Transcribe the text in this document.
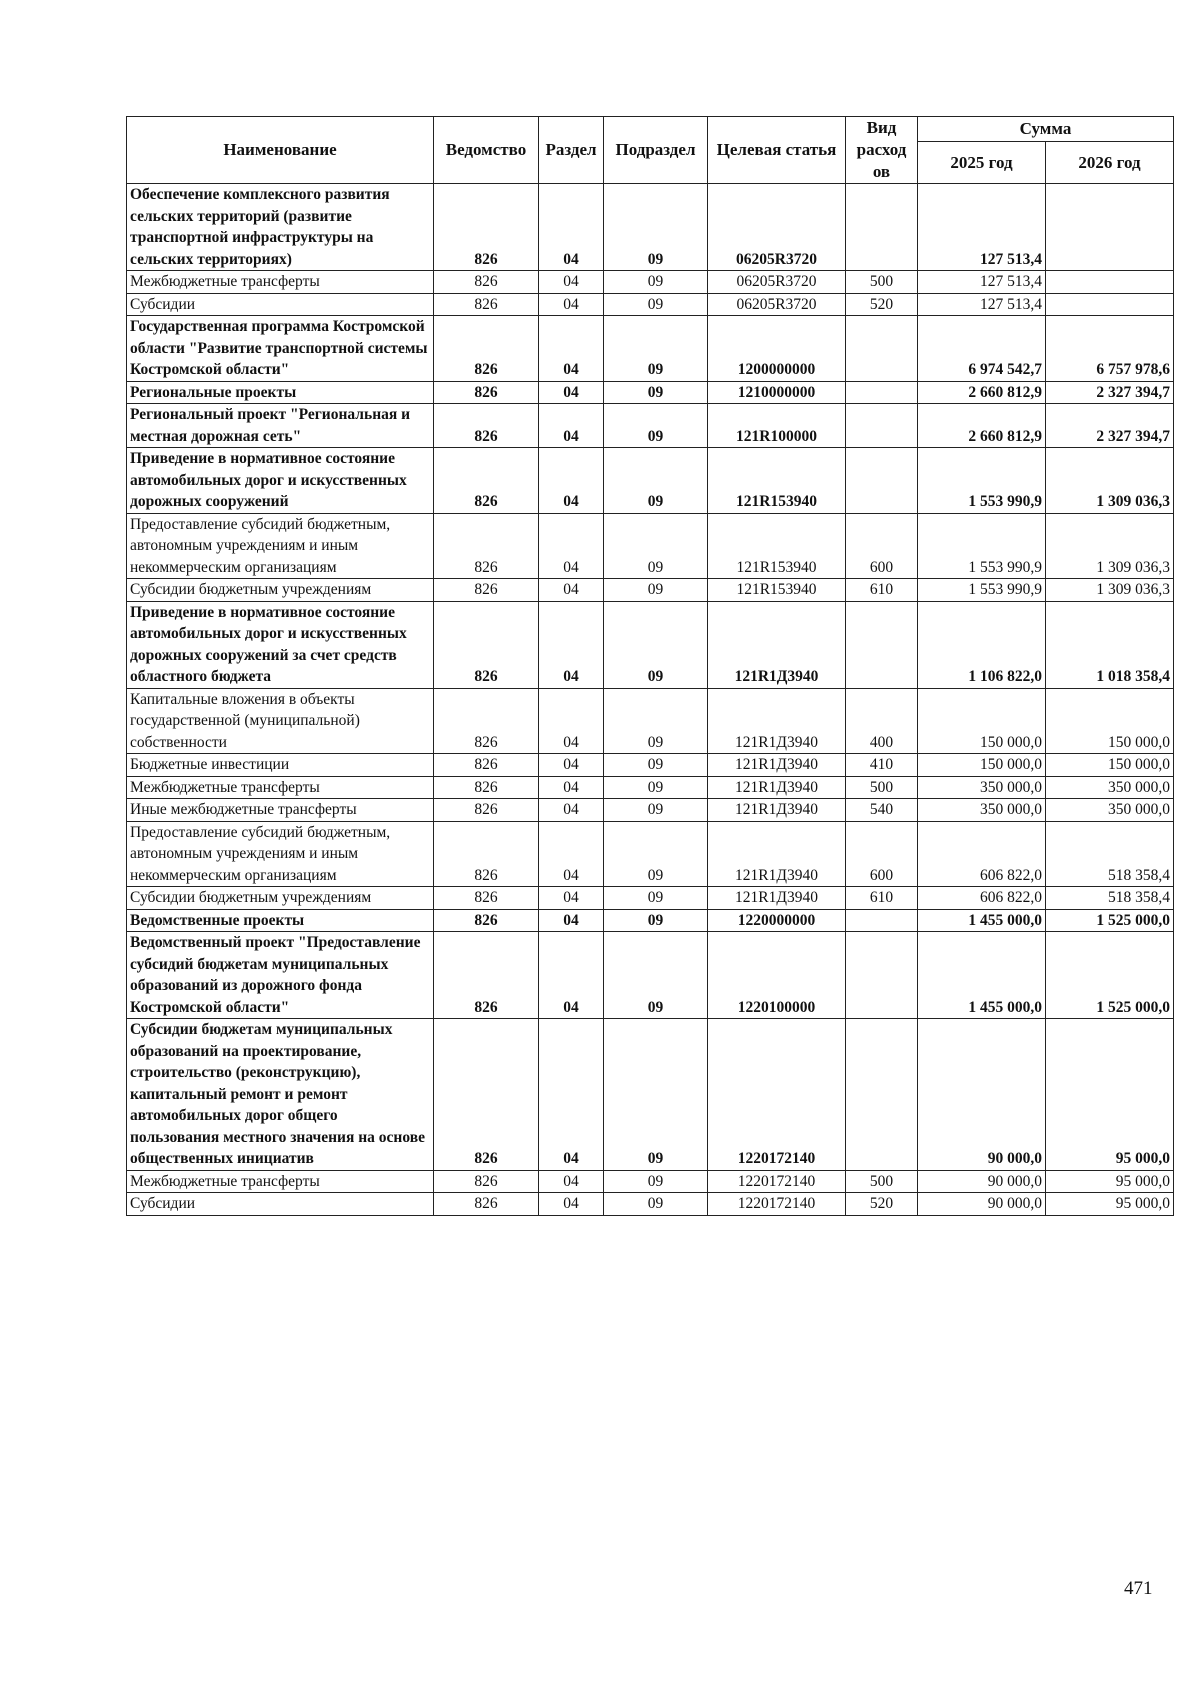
Наименование	Ведомство	Раздел	Подраздел	Целевая статья	Вид расход ов	Сумма	
						2025 год	2026 год
Обеспечение комплексного развития сельских территорий (развитие транспортной инфраструктуры на сельских территориях)	826	04	09	06205R3720		127 513,4	
Межбюджетные трансферты	826	04	09	06205R3720	500	127 513,4	
Субсидии	826	04	09	06205R3720	520	127 513,4	
Государственная программа Костромской области "Развитие транспортной системы Костромской области"	826	04	09	1200000000		6 974 542,7	6 757 978,6
Региональные проекты	826	04	09	1210000000		2 660 812,9	2 327 394,7
Региональный проект "Региональная и местная дорожная сеть"	826	04	09	121R100000		2 660 812,9	2 327 394,7
Приведение в нормативное состояние автомобильных дорог и искусственных дорожных сооружений	826	04	09	121R153940		1 553 990,9	1 309 036,3
Предоставление субсидий бюджетным, автономным учреждениям и иным некоммерческим организациям	826	04	09	121R153940	600	1 553 990,9	1 309 036,3
Субсидии бюджетным учреждениям	826	04	09	121R153940	610	1 553 990,9	1 309 036,3
Приведение в нормативное состояние автомобильных дорог и искусственных дорожных сооружений за счет средств областного бюджета	826	04	09	121R1Д3940		1 106 822,0	1 018 358,4
Капитальные вложения в объекты государственной (муниципальной) собственности	826	04	09	121R1Д3940	400	150 000,0	150 000,0
Бюджетные инвестиции	826	04	09	121R1Д3940	410	150 000,0	150 000,0
Межбюджетные трансферты	826	04	09	121R1Д3940	500	350 000,0	350 000,0
Иные межбюджетные трансферты	826	04	09	121R1Д3940	540	350 000,0	350 000,0
Предоставление субсидий бюджетным, автономным учреждениям и иным некоммерческим организациям	826	04	09	121R1Д3940	600	606 822,0	518 358,4
Субсидии бюджетным учреждениям	826	04	09	121R1Д3940	610	606 822,0	518 358,4
Ведомственные проекты	826	04	09	1220000000		1 455 000,0	1 525 000,0
Ведомственный проект "Предоставление субсидий бюджетам муниципальных образований из дорожного фонда Костромской области"	826	04	09	1220100000		1 455 000,0	1 525 000,0
Субсидии бюджетам муниципальных образований на проектирование, строительство (реконструкцию), капитальный ремонт и ремонт автомобильных дорог общего пользования местного значения на основе общественных инициатив	826	04	09	1220172140		90 000,0	95 000,0
Межбюджетные трансферты	826	04	09	1220172140	500	90 000,0	95 000,0
Субсидии	826	04	09	1220172140	520	90 000,0	95 000,0
471
